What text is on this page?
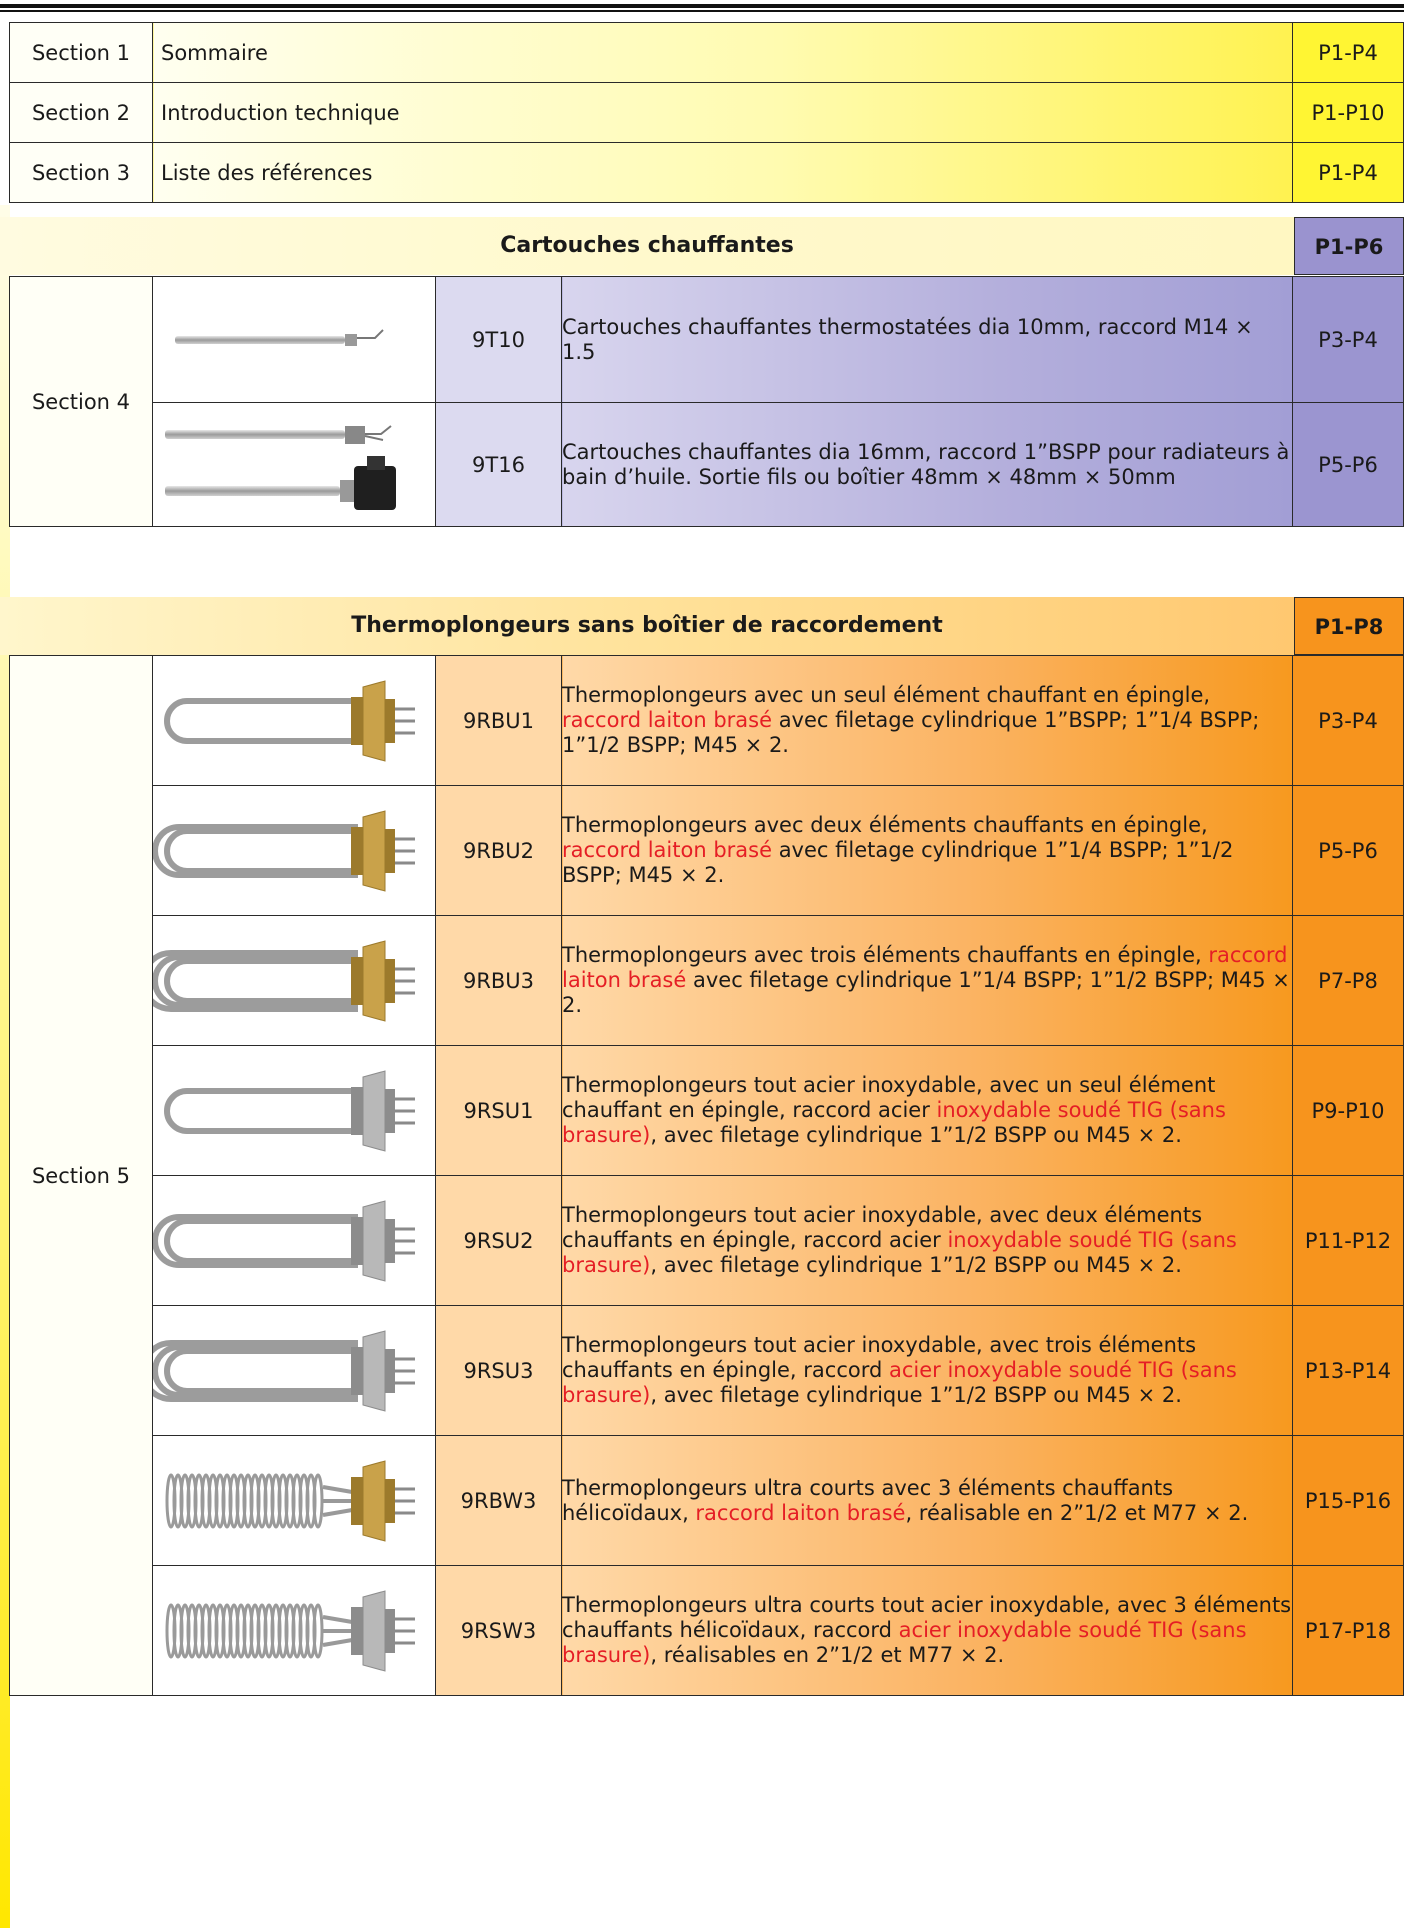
Section 1	Sommaire	P1-P4
Section 2	Introduction technique	P1-P10
Section 3	Liste des références	P1-P4
Cartouches chauffantes	P1-P6
Section 4		9T10	Cartouches chauffantes thermostatées dia 10mm, raccord M14 × 1.5	P3-P4

	9T16	Cartouches chauffantes dia 16mm, raccord 1”BSPP pour radiateurs à bain d’huile. Sortie fils ou boîtier 48mm × 48mm × 50mm	P5-P6
Thermoplongeurs sans boîtier de raccordement	P1-P8
Section 5		9RBU1	Thermoplongeurs avec un seul élément chauffant en épingle, raccord laiton brasé avec filetage cylindrique 1”BSPP; 1”1/4 BSPP; 1”1/2 BSPP; M45 × 2.	P3-P4

	9RBU2	Thermoplongeurs avec deux éléments chauffants en épingle, raccord laiton brasé avec filetage cylindrique 1”1/4 BSPP; 1”1/2 BSPP; M45 × 2.	P5-P6

	9RBU3	Thermoplongeurs avec trois éléments chauffants en épingle, raccord laiton brasé avec filetage cylindrique 1”1/4 BSPP; 1”1/2 BSPP; M45 × 2.	P7-P8

	9RSU1	Thermoplongeurs tout acier inoxydable, avec un seul élément chauffant en épingle, raccord acier inoxydable soudé TIG (sans brasure), avec filetage cylindrique 1”1/2 BSPP ou M45 × 2.	P9-P10

	9RSU2	Thermoplongeurs tout acier inoxydable, avec deux éléments chauffants en épingle, raccord acier inoxydable soudé TIG (sans brasure), avec filetage cylindrique 1”1/2 BSPP ou M45 × 2.	P11-P12

	9RSU3	Thermoplongeurs tout acier inoxydable, avec trois éléments chauffants en épingle, raccord acier inoxydable soudé TIG (sans brasure), avec filetage cylindrique 1”1/2 BSPP ou M45 × 2.	P13-P14

	9RBW3	Thermoplongeurs ultra courts avec 3 éléments chauffants hélicoïdaux, raccord laiton brasé, réalisable en 2”1/2 et M77 × 2.	P15-P16

	9RSW3	Thermoplongeurs ultra courts tout acier inoxydable, avec 3 éléments chauffants hélicoïdaux, raccord acier inoxydable soudé TIG (sans brasure), réalisables en 2”1/2 et M77 × 2.	P17-P18
